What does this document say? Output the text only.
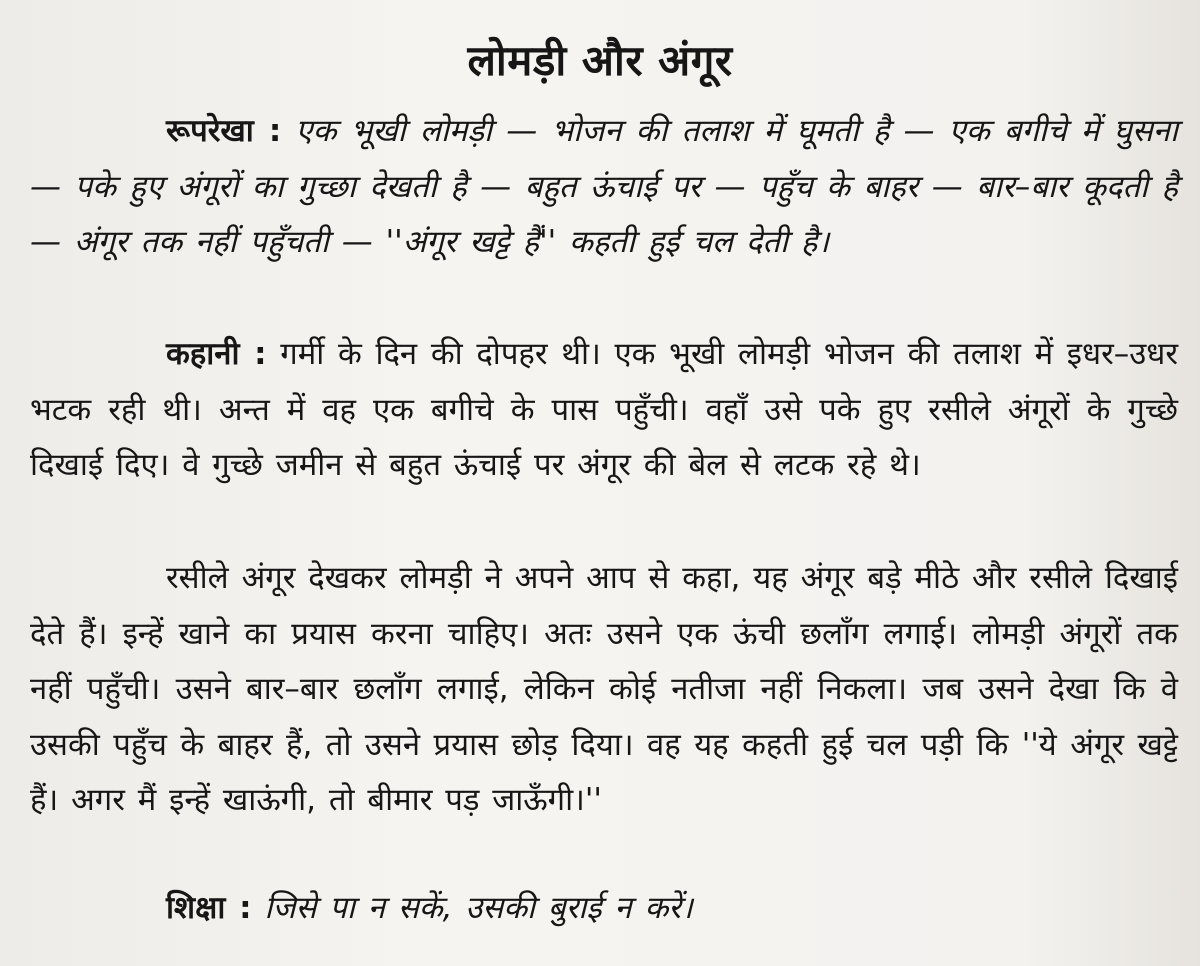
लोमड़ी और अंगूर
रूपरेखा : एक भूखी लोमड़ी — भोजन की तलाश में घूमती है — एक बगीचे में घुसना — पके हुए अंगूरों का गुच्छा देखती है — बहुत ऊंचाई पर — पहुँच के बाहर — बार–बार कूदती है — अंगूर तक नहीं पहुँचती — ''अंगूर खट्टे हैं'' कहती हुई चल देती है।
कहानी : गर्मी के दिन की दोपहर थी। एक भूखी लोमड़ी भोजन की तलाश में इधर–उधर भटक रही थी। अन्त में वह एक बगीचे के पास पहुँची। वहाँ उसे पके हुए रसीले अंगूरों के गुच्छे दिखाई दिए। वे गुच्छे जमीन से बहुत ऊंचाई पर अंगूर की बेल से लटक रहे थे।
रसीले अंगूर देखकर लोमड़ी ने अपने आप से कहा, यह अंगूर बड़े मीठे और रसीले दिखाई देते हैं। इन्हें खाने का प्रयास करना चाहिए। अतः उसने एक ऊंची छलाँग लगाई। लोमड़ी अंगूरों तक नहीं पहुँची। उसने बार–बार छलाँग लगाई, लेकिन कोई नतीजा नहीं निकला। जब उसने देखा कि वे उसकी पहुँच के बाहर हैं, तो उसने प्रयास छोड़ दिया। वह यह कहती हुई चल पड़ी कि ''ये अंगूर खट्टे हैं। अगर मैं इन्हें खाऊंगी, तो बीमार पड़ जाऊँगी।''
शिक्षा : जिसे पा न सकें, उसकी बुराई न करें।
